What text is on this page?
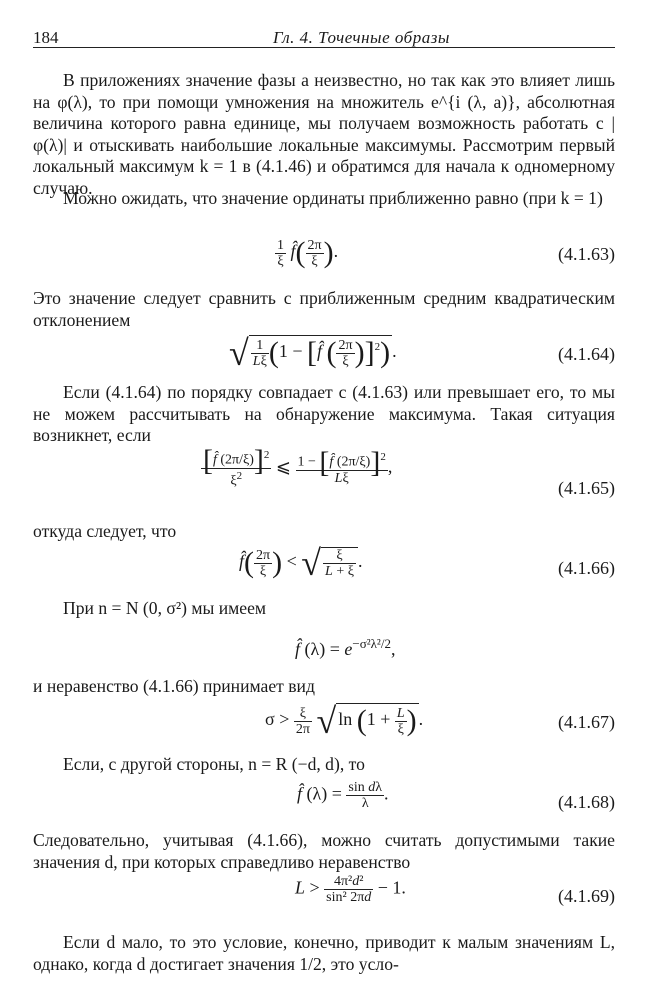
184	Гл. 4. Точечные образы
В приложениях значение фазы a неизвестно, но так как это влияет лишь на φ(λ), то при помощи умножения на множитель e^{i (λ, a)}, абсолютная величина которого равна единице, мы получаем возможность работать с |φ(λ)| и отыскивать наибольшие локальные максимумы. Рассмотрим первый локальный максимум k = 1 в (4.1.46) и обратимся для начала к одномерному случаю.
Можно ожидать, что значение ординаты приближенно равно (при k = 1)
$\frac{1}{\xi}$ f̂( $\frac{2\pi}{\xi}$ ).	(4.1.63)
Это значение следует сравнить с приближенным средним квадратическим отклонением
√ $\frac{1}{L\xi} (1$ − [f̂ ( $\frac{2\pi}{\xi} )]^2$) .	(4.1.64)
Если (4.1.64) по порядку совпадает с (4.1.63) или превышает его, то мы не можем рассчитывать на обнаружение максимума. Такая ситуация возникнет, если
$\frac{[f̂ (2\pi/\xi)]^2}{\xi^2}$ ⩽ $\frac{1 - [f̂ (2\pi/\xi)]^2}{L\xi}$ ,
(4.1.65)
откуда следует, что
f̂( $\frac{2\pi}{\xi}$ ) < √ $\frac{\xi}{L + \xi}$ .	(4.1.66)
При n = N (0, σ²) мы имеем
f̂ $(\lambda) = e^{-\sigma^2\lambda^2/2}$,
и неравенство (4.1.66) принимает вид
$\sigma > \frac{\xi}{2\pi}$ √ $\ln (1 + \frac{L}{\xi}$ ) .	(4.1.67)
Если, с другой стороны, n = R (−d, d), то
f̂ $(\lambda) = \frac{\text{sin dλ}}{\lambda}$ .	(4.1.68)
Следовательно, учитывая (4.1.66), можно считать допустимыми такие значения d, при которых справедливо неравенство
$L > \frac{\text{4π²d²}}{\text{sin² 2πd}} - 1$.	(4.1.69)
Если d мало, то это условие, конечно, приводит к малым значениям L, однако, когда d достигает значения 1/2, это усло-
